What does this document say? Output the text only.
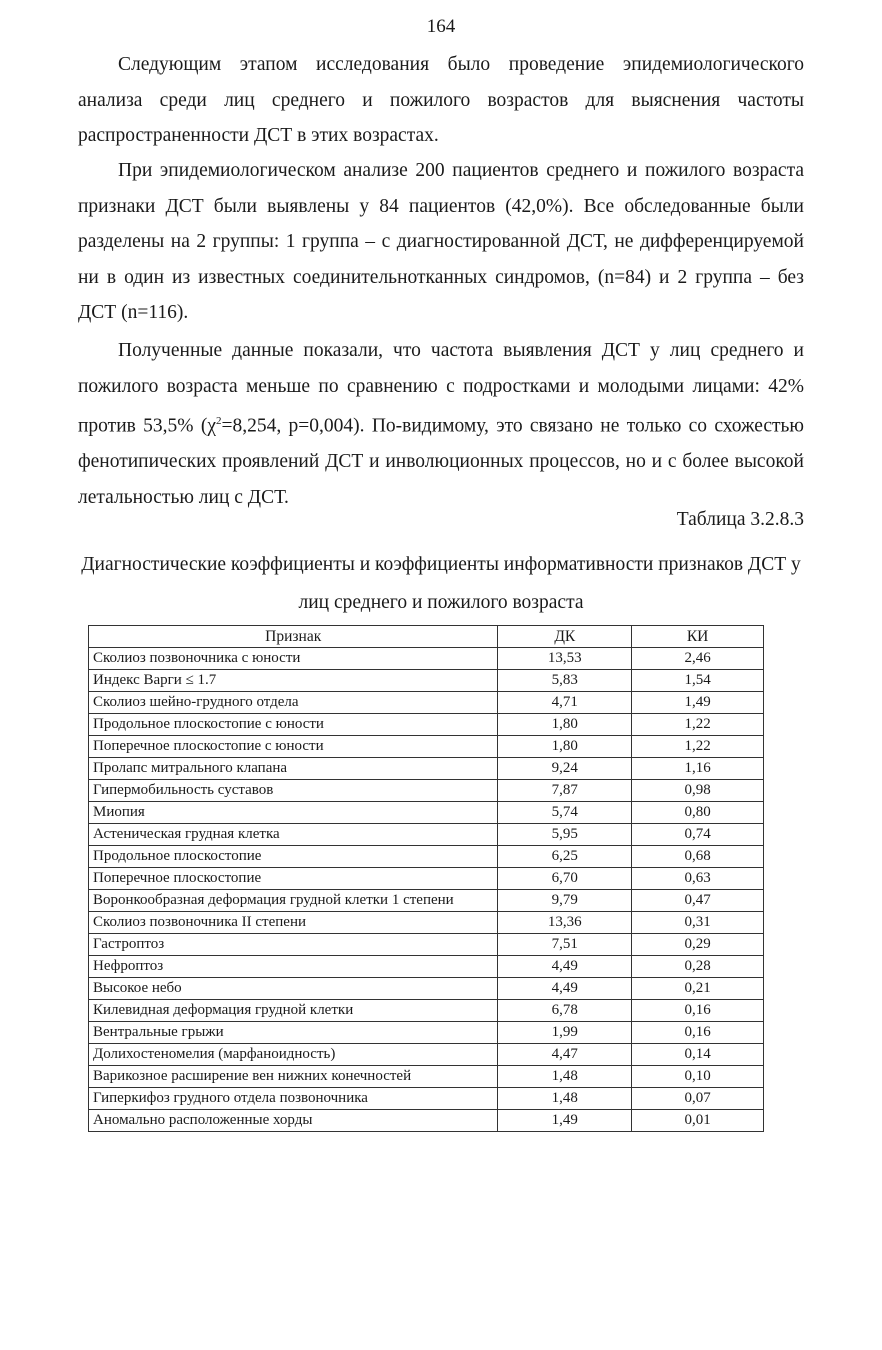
164

Следующим этапом исследования было проведение эпидемиологического анализа среди лиц среднего и пожилого возрастов для выяснения частоты распространенности ДСТ в этих возрастах.

При эпидемиологическом анализе 200 пациентов среднего и пожилого возраста признаки ДСТ были выявлены у 84 пациентов (42,0%). Все обследованные были разделены на 2 группы: 1 группа – с диагностированной ДСТ, не дифференцируемой ни в один из известных соединительнотканных синдромов, (n=84) и 2 группа – без ДСТ (n=116).

Полученные данные показали, что частота выявления ДСТ у лиц среднего и пожилого возраста меньше по сравнению с подростками и молодыми лицами: 42% против 53,5% ($\chi^2=8,254$, p=0,004). По-видимому, это связано не только со схожестью фенотипических проявлений ДСТ и инволюционных процессов, но и с более высокой летальностью лиц с ДСТ.

Таблица 3.2.8.3
Диагностические коэффициенты и коэффициенты информативности признаков ДСТ у лиц среднего и пожилого возраста
Признак	ДК	КИ
Сколиоз позвоночника с юности	13,53	2,46
Индекс Варги ≤ 1.7	5,83	1,54
Сколиоз шейно-грудного отдела	4,71	1,49
Продольное плоскостопие с юности	1,80	1,22
Поперечное плоскостопие с юности	1,80	1,22
Пролапс митрального клапана	9,24	1,16
Гипермобильность суставов	7,87	0,98
Миопия	5,74	0,80
Астеническая грудная клетка	5,95	0,74
Продольное плоскостопие	6,25	0,68
Поперечное плоскостопие	6,70	0,63
Воронкообразная деформация грудной клетки 1 степени	9,79	0,47
Сколиоз позвоночника II степени	13,36	0,31
Гастроптоз	7,51	0,29
Нефроптоз	4,49	0,28
Высокое небо	4,49	0,21
Килевидная деформация грудной клетки	6,78	0,16
Вентральные грыжи	1,99	0,16
Долихостеномелия (марфаноидность)	4,47	0,14
Варикозное расширение вен нижних конечностей	1,48	0,10
Гиперкифоз грудного отдела позвоночника	1,48	0,07
Аномально расположенные хорды	1,49	0,01
